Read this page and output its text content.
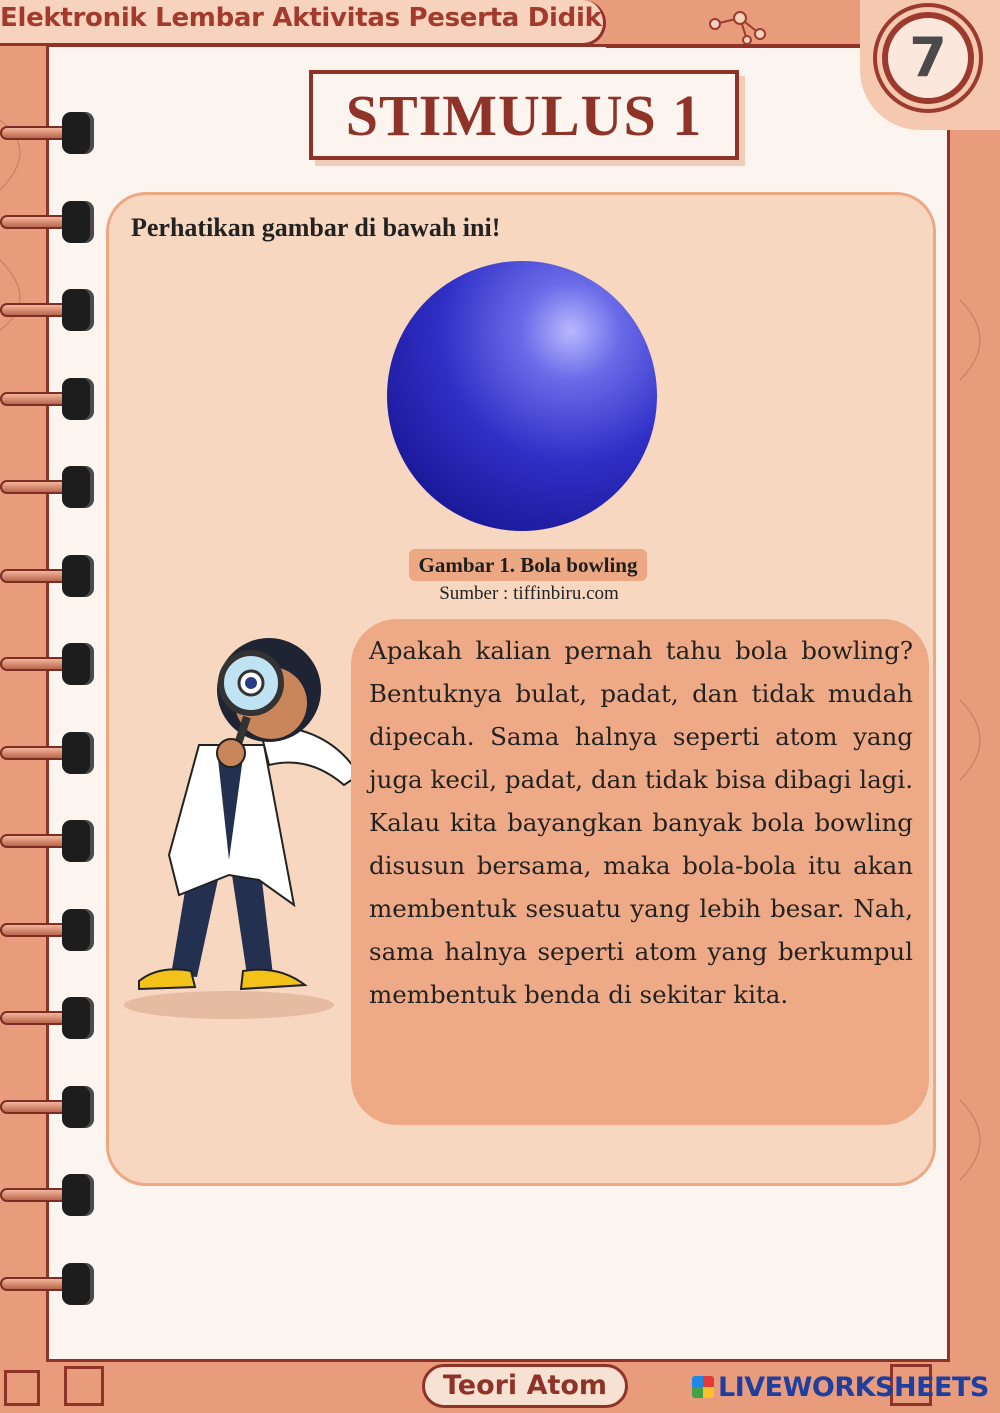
Elektronik Lembar Aktivitas Peserta Didik
7
STIMULUS 1
Perhatikan gambar di bawah ini!
Gambar 1. Bola bowling
Sumber : tiffinbiru.com

Apakah kalian pernah tahu bola bowling? Bentuknya bulat, padat, dan tidak mudah dipecah. Sama halnya seperti atom yang juga kecil, padat, dan tidak bisa dibagi lagi. Kalau kita bayangkan banyak bola bowling disusun bersama, maka bola-bola itu akan membentuk sesuatu yang lebih besar. Nah, sama halnya seperti atom yang berkumpul membentuk benda di sekitar kita.

Teori Atom	LIVEWORKSHEETS
